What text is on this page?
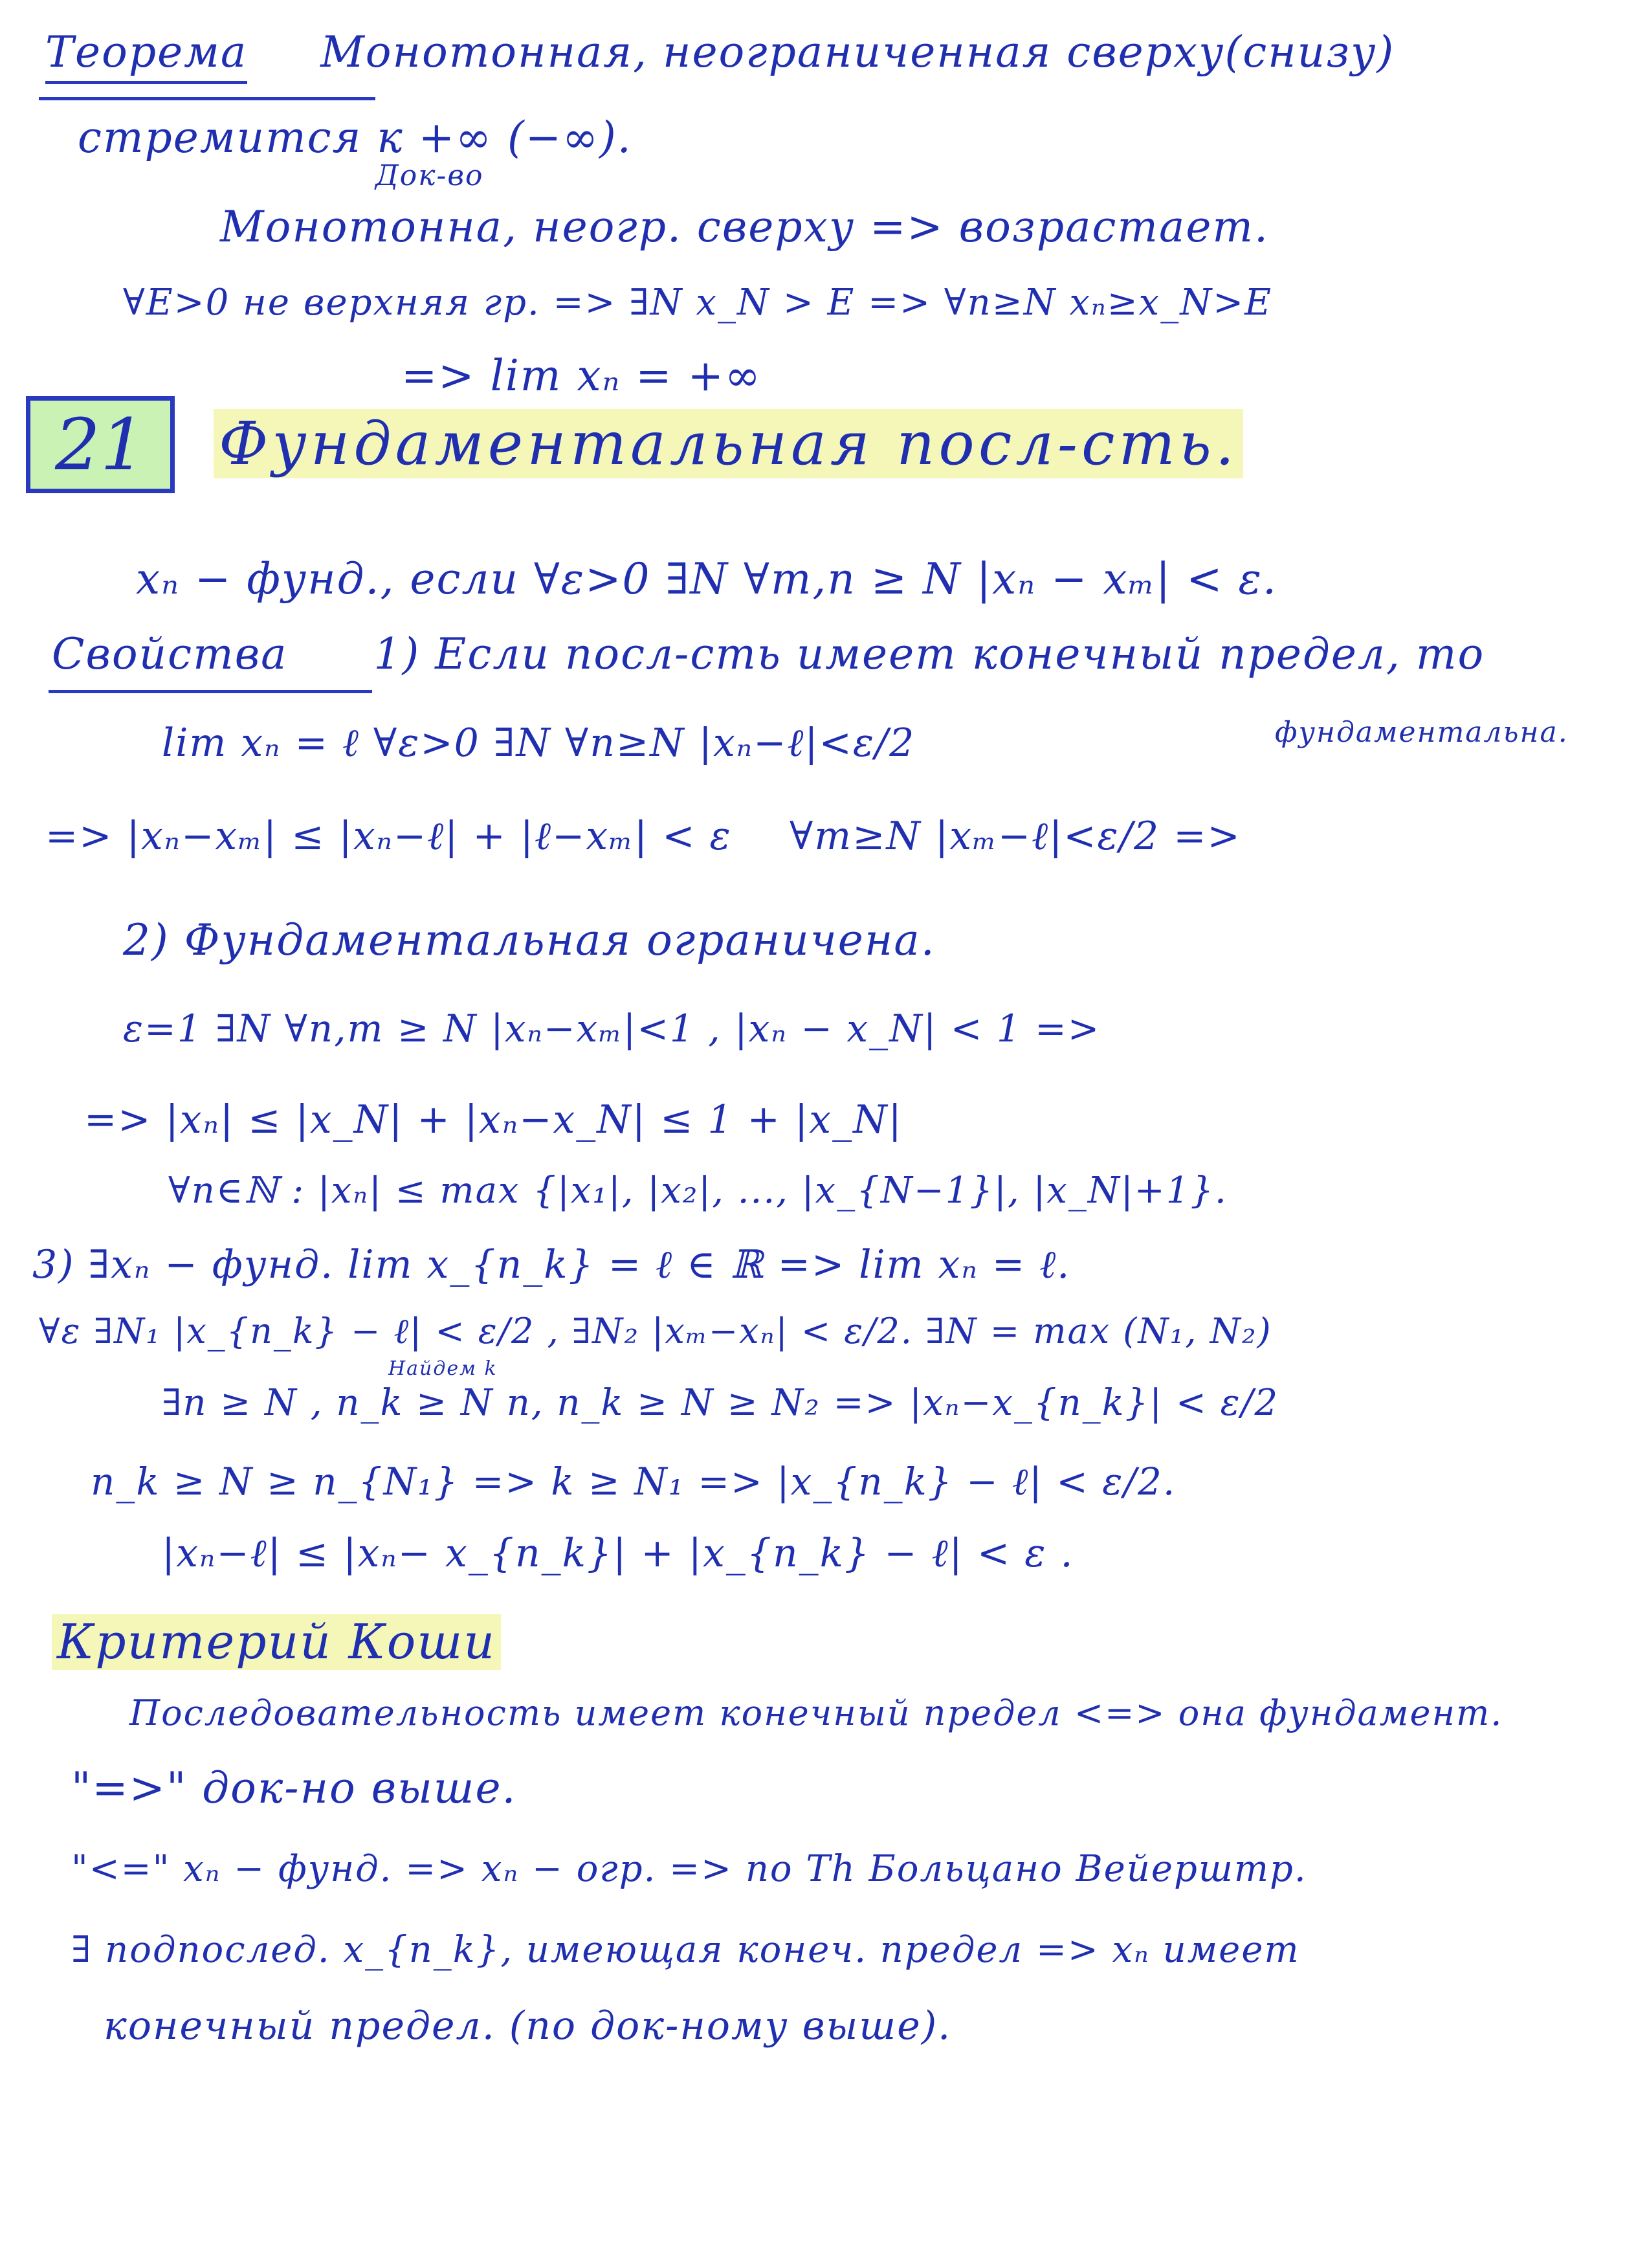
Теорема Монотонная, неограниченная сверху(снизу)
стремится к +∞ (−∞).
Док-во
Монотонна, неогр. сверху => возрастает.
∀E>0 не верхняя гр. => ∃N x_N > E => ∀n≥N xₙ≥x_N>E
=> lim xₙ = +∞
21	Фундаментальная посл-сть.
xₙ − фунд., если ∀ε>0 ∃N ∀m,n ≥ N |xₙ − xₘ| < ε.
Свойства 1) Если посл-сть имеет конечный предел, то
фундаментальна.
lim xₙ = ℓ ∀ε>0 ∃N ∀n≥N |xₙ−ℓ|<ε/2
=> |xₙ−xₘ| ≤ |xₙ−ℓ| + |ℓ−xₘ| < ε ∀m≥N |xₘ−ℓ|<ε/2 =>
2) Фундаментальная ограничена.
ε=1 ∃N ∀n,m ≥ N |xₙ−xₘ|<1 , |xₙ − x_N| < 1 =>
=> |xₙ| ≤ |x_N| + |xₙ−x_N| ≤ 1 + |x_N|
∀n∈ℕ : |xₙ| ≤ max {|x₁|, |x₂|, ..., |x_{N−1}|, |x_N|+1}.
3) ∃xₙ − фунд. lim x_{n_k} = ℓ ∈ ℝ => lim xₙ = ℓ.
∀ε ∃N₁ |x_{n_k} − ℓ| < ε/2 , ∃N₂ |xₘ−xₙ| < ε/2. ∃N = max (N₁, N₂)
Найдем k
∃n ≥ N , n_k ≥ N n, n_k ≥ N ≥ N₂ => |xₙ−x_{n_k}| < ε/2
n_k ≥ N ≥ n_{N₁} => k ≥ N₁ => |x_{n_k} − ℓ| < ε/2.
|xₙ−ℓ| ≤ |xₙ− x_{n_k}| + |x_{n_k} − ℓ| < ε .
Критерий Коши
Последовательность имеет конечный предел <=> она фундамент.
"=>" док-но выше.
"<=" xₙ − фунд. => xₙ − огр. => по Th Больцано Вейерштр.
∃ подпослед. x_{n_k}, имеющая конеч. предел => xₙ имеет
конечный предел. (по док-ному выше).
